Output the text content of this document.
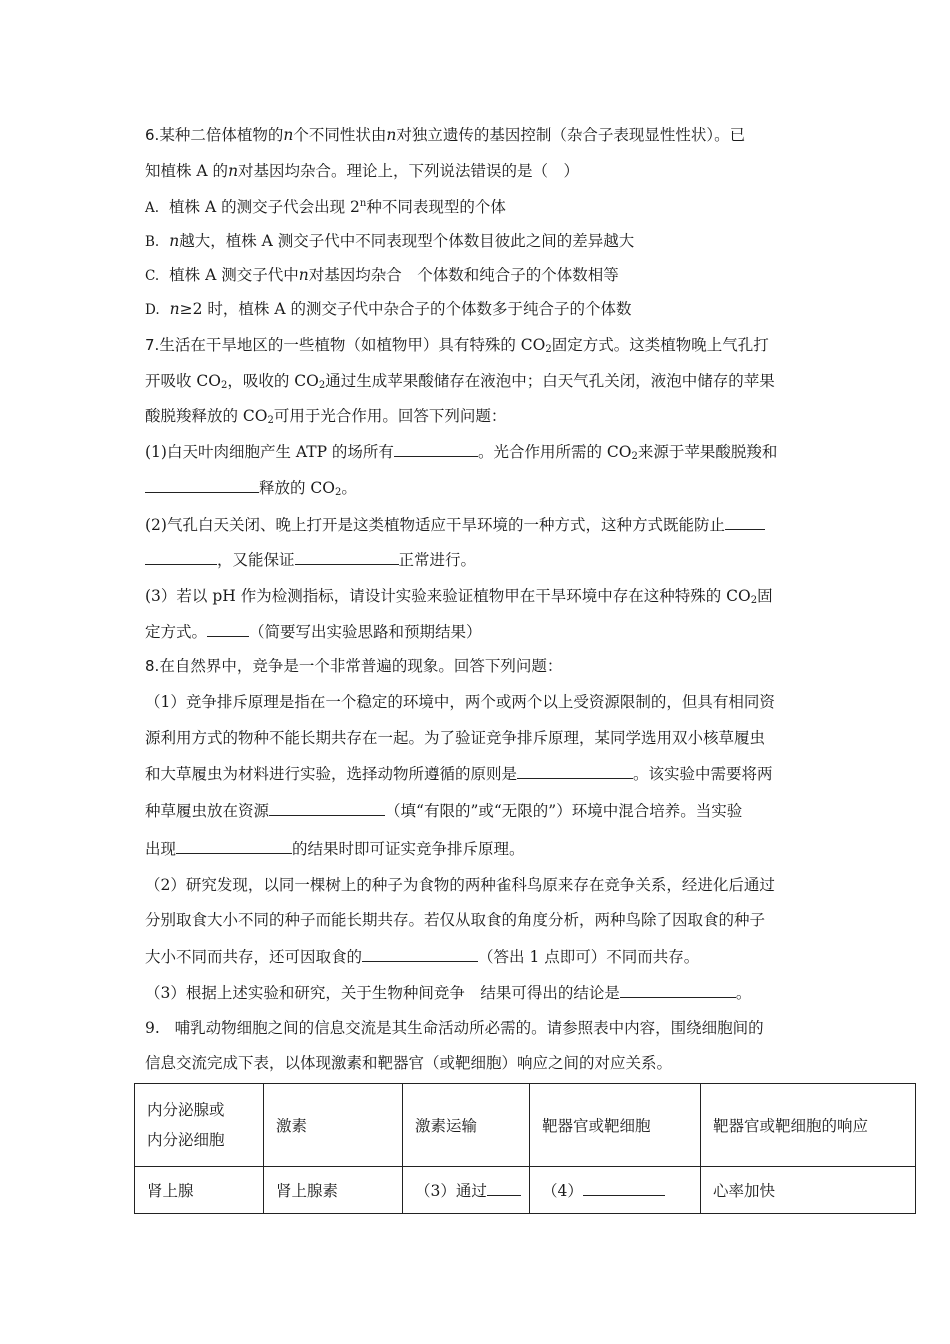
6.某种二倍体植物的n个不同性状由n对独立遗传的基因控制（杂合子表现显性性状）。已
知植株 A 的n对基因均杂合。理论上，下列说法错误的是（　）
A. 植株 A 的测交子代会出现 2$^n$种不同表现型的个体
B. n越大，植株 A 测交子代中不同表现型个体数目彼此之间的差异越大
C. 植株 A 测交子代中n对基因均杂合　个体数和纯合子的个体数相等
D. n≥2 时，植株 A 的测交子代中杂合子的个体数多于纯合子的个体数
7.生活在干旱地区的一些植物（如植物甲）具有特殊的 $CO_2$固定方式。这类植物晚上气孔打
开吸收 $CO_2$，吸收的 $CO_2$通过生成苹果酸储存在液泡中；白天气孔关闭，液泡中储存的苹果
酸脱羧释放的 $CO_2$可用于光合作用。回答下列问题：
(1)白天叶肉细胞产生 ATP 的场所有	。光合作用所需的 $CO_2$来源于苹果酸脱羧和
释放的 $CO_2$。
(2)气孔白天关闭、晚上打开是这类植物适应干旱环境的一种方式，这种方式既能防止
，又能保证	正常进行。
(3）若以 pH 作为检测指标，请设计实验来验证植物甲在干旱环境中存在这种特殊的 $CO_2$固
定方式。	（简要写出实验思路和预期结果）
8.在自然界中，竞争是一个非常普遍的现象。回答下列问题：
（1）竞争排斥原理是指在一个稳定的环境中，两个或两个以上受资源限制的，但具有相同资
源利用方式的物种不能长期共存在一起。为了验证竞争排斥原理，某同学选用双小核草履虫
和大草履虫为材料进行实验，选择动物所遵循的原则是	。该实验中需要将两
种草履虫放在资源	（填“有限的”或“无限的”）环境中混合培养。当实验
出现	的结果时即可证实竞争排斥原理。
（2）研究发现，以同一棵树上的种子为食物的两种雀科鸟原来存在竞争关系，经进化后通过
分别取食大小不同的种子而能长期共存。若仅从取食的角度分析，两种鸟除了因取食的种子
大小不同而共存，还可因取食的	（答出 1 点即可）不同而共存。
（3）根据上述实验和研究，关于生物种间竞争　结果可得出的结论是	。
9. 哺乳动物细胞之间的信息交流是其生命活动所必需的。请参照表中内容，围绕细胞间的
信息交流完成下表，以体现激素和靶器官（或靶细胞）响应之间的对应关系。
内分泌腺或
内分泌细胞	激素	激素运输	靶器官或靶细胞	靶器官或靶细胞的响应
肾上腺	肾上腺素	（3）通过	（4）	心率加快
